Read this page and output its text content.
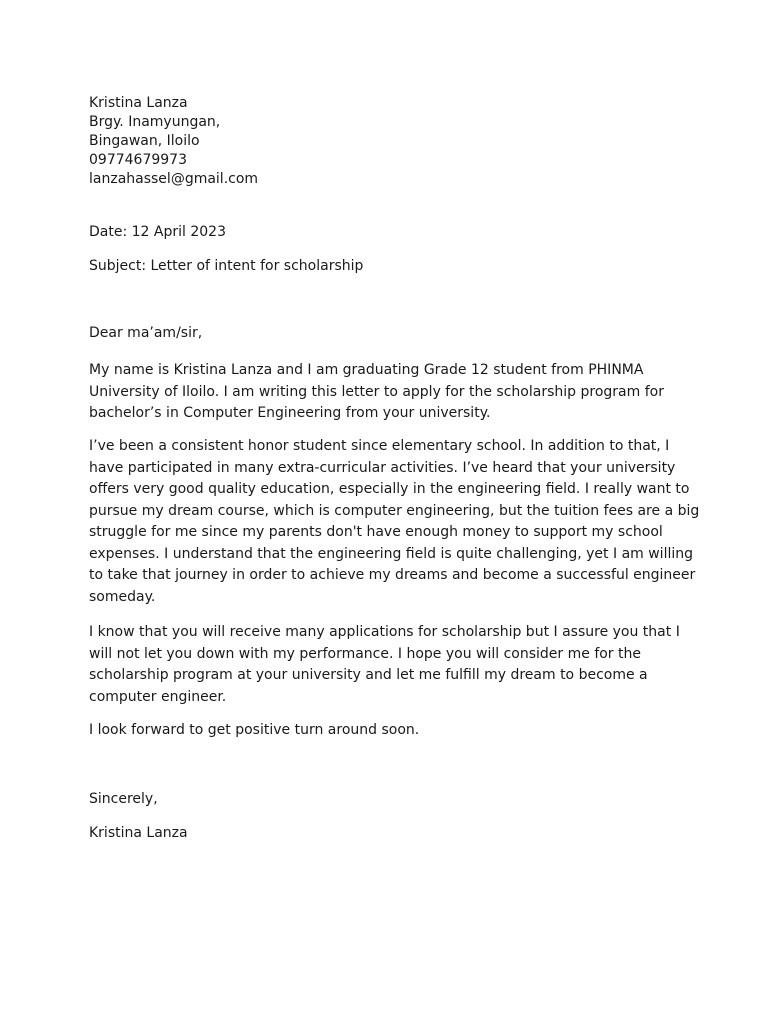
Kristina Lanza
Brgy. Inamyungan,
Bingawan, Iloilo
09774679973
lanzahassel@gmail.com
Date: 12 April 2023
Subject: Letter of intent for scholarship
Dear ma’am/sir,
My name is Kristina Lanza and I am graduating Grade 12 student from PHINMA
University of Iloilo. I am writing this letter to apply for the scholarship program for
bachelor’s in Computer Engineering from your university.
I’ve been a consistent honor student since elementary school. In addition to that, I
have participated in many extra-curricular activities. I’ve heard that your university
offers very good quality education, especially in the engineering field. I really want to
pursue my dream course, which is computer engineering, but the tuition fees are a big
struggle for me since my parents don't have enough money to support my school
expenses. I understand that the engineering field is quite challenging, yet I am willing
to take that journey in order to achieve my dreams and become a successful engineer
someday.
I know that you will receive many applications for scholarship but I assure you that I
will not let you down with my performance. I hope you will consider me for the
scholarship program at your university and let me fulfill my dream to become a
computer engineer.
I look forward to get positive turn around soon.
Sincerely,
Kristina Lanza
